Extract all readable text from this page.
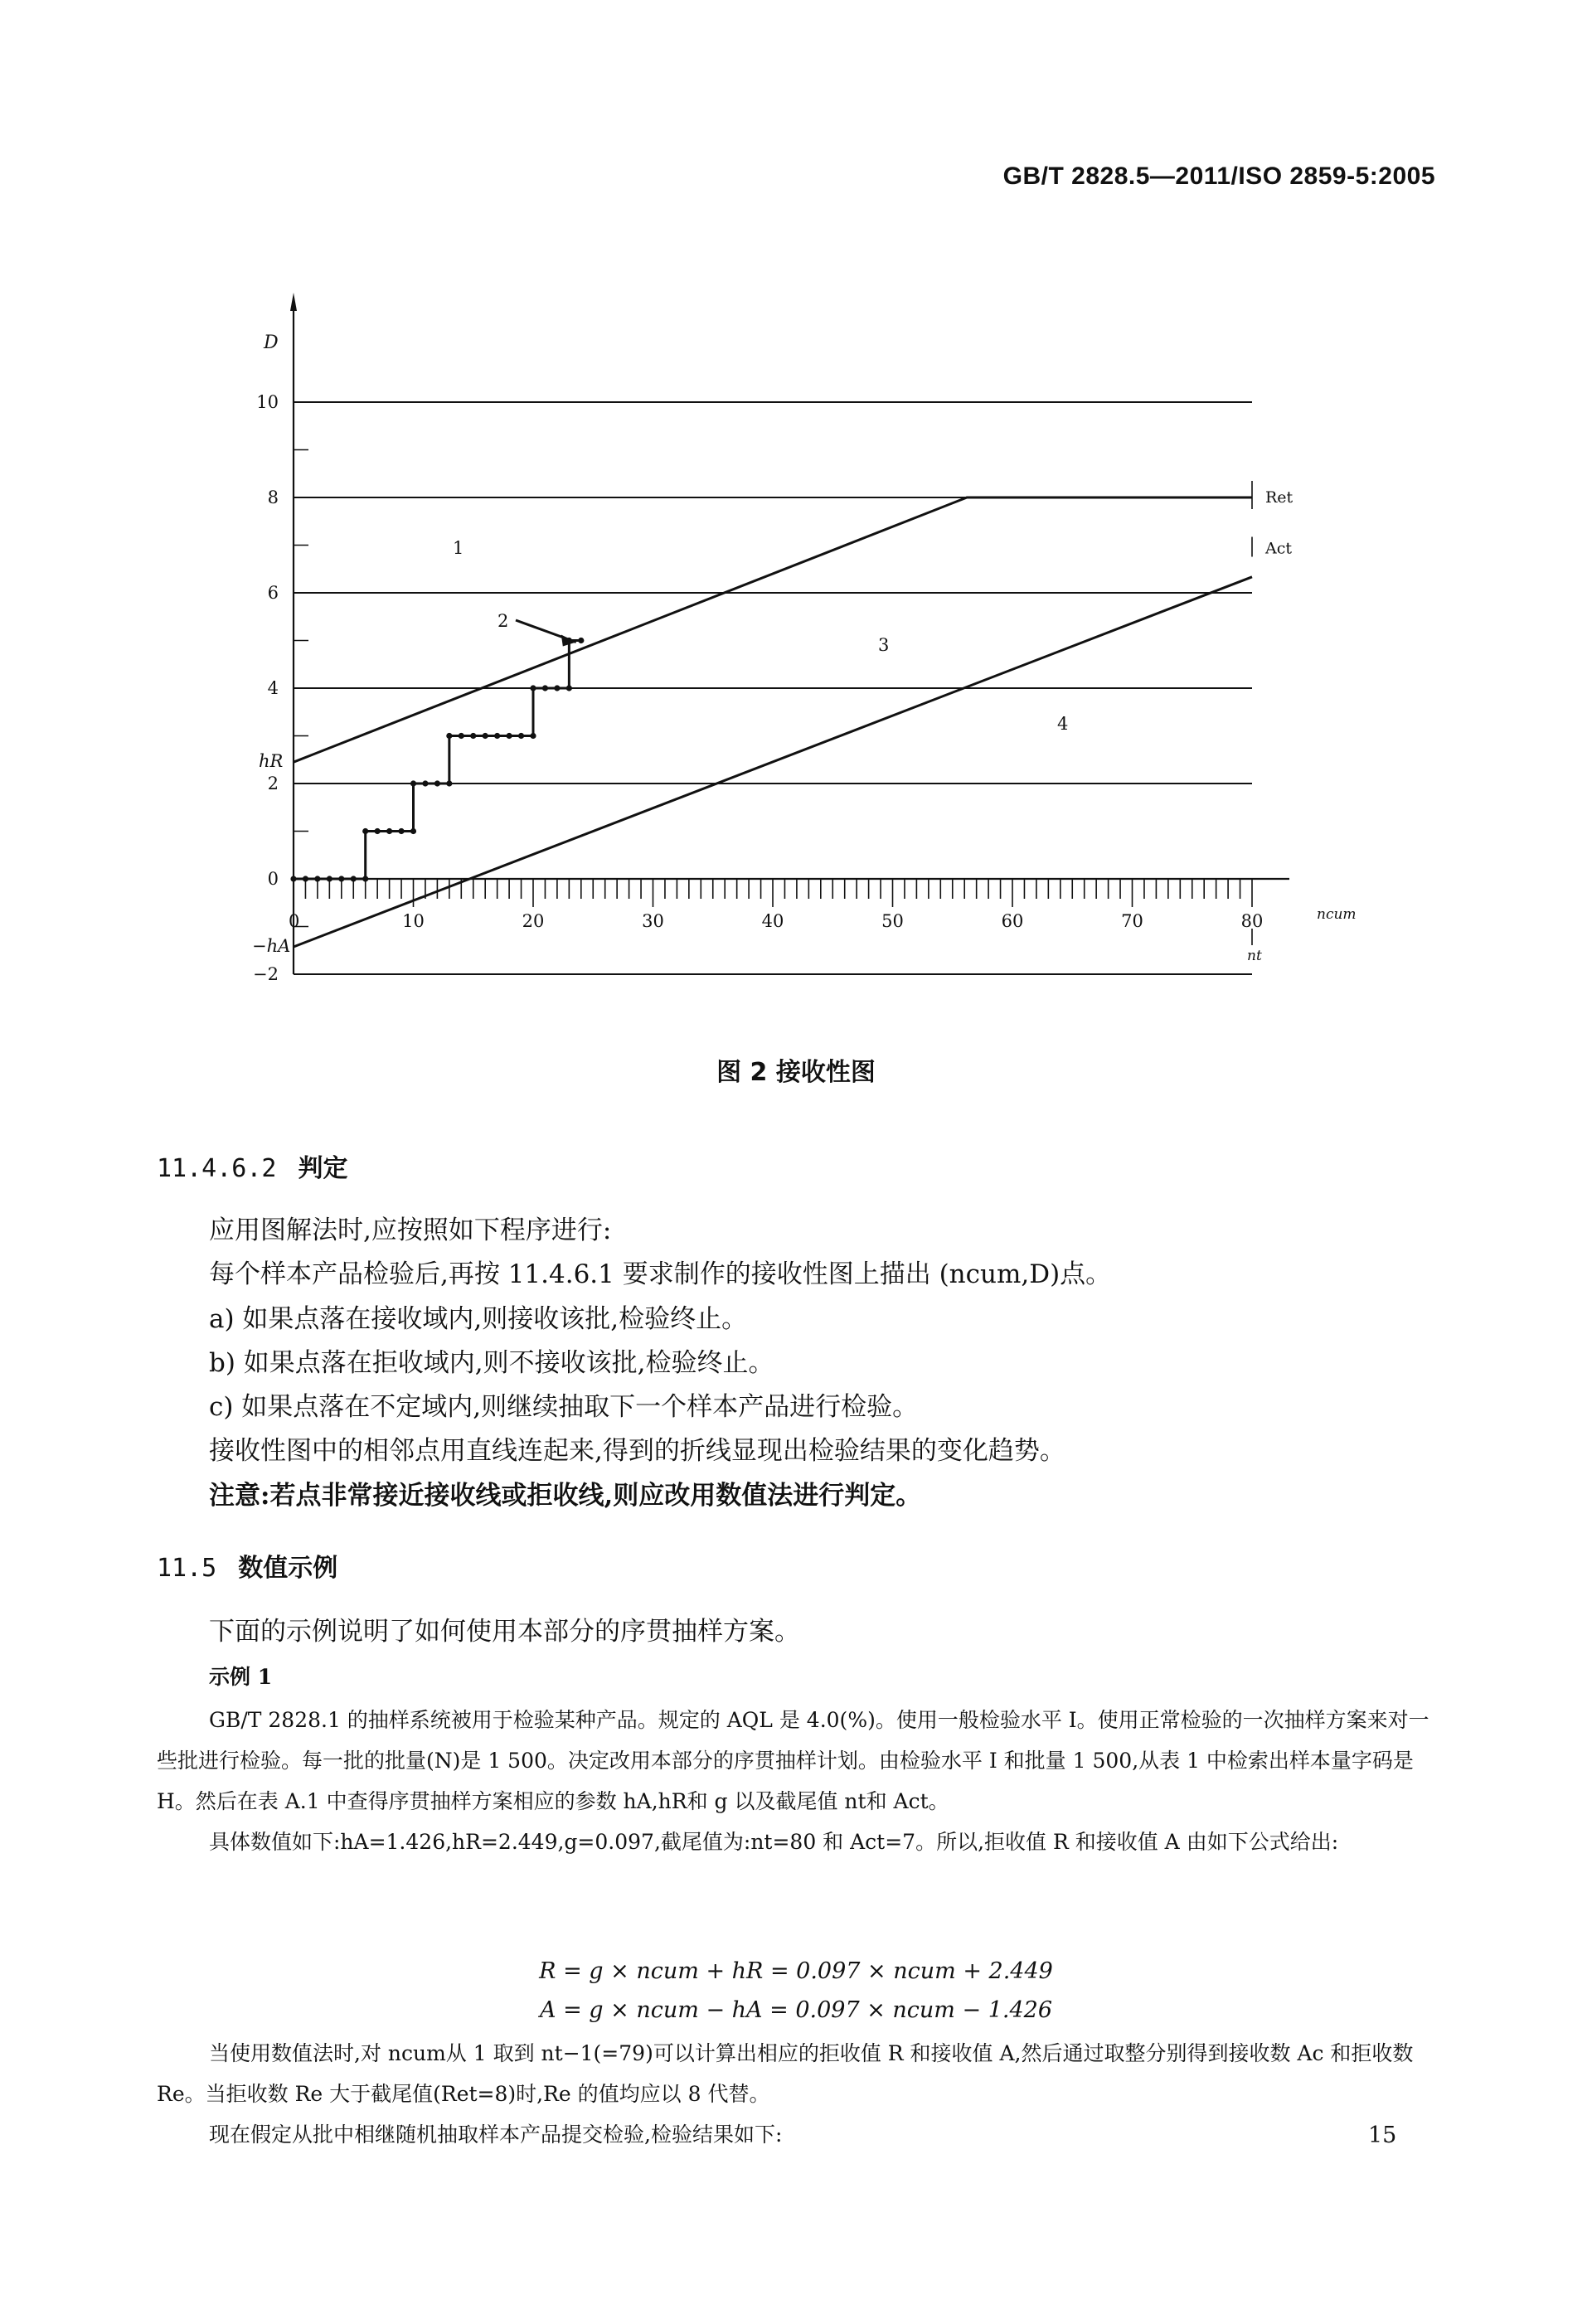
GB/T 2828.5—2011/ISO 2859-5:2005
D
10
8
6
4
2
0
−2
hR
−hA
0	10	20	30	40	50	60	70	80	ncum
nt
Ret
Act
1
2
3
4
图 2 接收性图
11.4.6.2 判定
应用图解法时,应按照如下程序进行:
每个样本产品检验后,再按 11.4.6.1 要求制作的接收性图上描出 (ncum,D)点。
a) 如果点落在接收域内,则接收该批,检验终止。
b) 如果点落在拒收域内,则不接收该批,检验终止。
c) 如果点落在不定域内,则继续抽取下一个样本产品进行检验。
接收性图中的相邻点用直线连起来,得到的折线显现出检验结果的变化趋势。
注意:若点非常接近接收线或拒收线,则应改用数值法进行判定。
11.5 数值示例
下面的示例说明了如何使用本部分的序贯抽样方案。
示例 1
GB/T 2828.1 的抽样系统被用于检验某种产品。规定的 AQL 是 4.0(%)。使用一般检验水平 Ⅰ。使用正常检验的一次抽样方案来对一些批进行检验。每一批的批量(N)是 1 500。决定改用本部分的序贯抽样计划。由检验水平 Ⅰ 和批量 1 500,从表 1 中检索出样本量字码是 H。然后在表 A.1 中查得序贯抽样方案相应的参数 hA,hR和 g 以及截尾值 nt和 Act。
具体数值如下:hA=1.426,hR=2.449,g=0.097,截尾值为:nt=80 和 Act=7。所以,拒收值 R 和接收值 A 由如下公式给出:
R = g × ncum + hR = 0.097 × ncum + 2.449
A = g × ncum − hA = 0.097 × ncum − 1.426
当使用数值法时,对 ncum从 1 取到 nt−1(=79)可以计算出相应的拒收值 R 和接收值 A,然后通过取整分别得到接收数 Ac 和拒收数 Re。当拒收数 Re 大于截尾值(Ret=8)时,Re 的值均应以 8 代替。
现在假定从批中相继随机抽取样本产品提交检验,检验结果如下:	15
